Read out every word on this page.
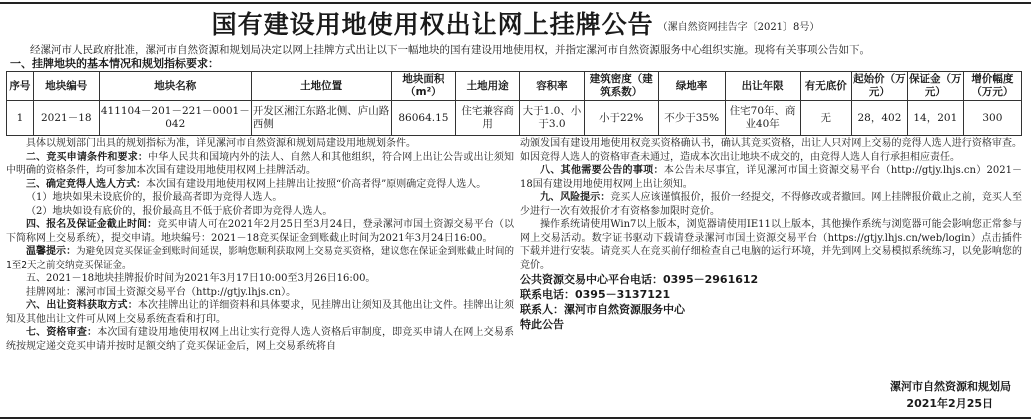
国有建设用地使用权出让网上挂牌公告 （漯自然资网挂告字〔2021〕8号）
经漯河市人民政府批准，漯河市自然资源和规划局决定以网上挂牌方式出让以下一幅地块的国有建设用地使用权，并指定漯河市自然资源服务中心组织实施。现将有关事项公告如下。
一、挂牌地块的基本情况和规划指标要求：
序号	地块编号	地块名称	土地位置	地块面积（m²）	土地用途	容积率	建筑密度（建筑系数）	绿地率	出让年限	有无底价	起始价（万元）	保证金（万元）	增价幅度（万元）
1	2021－18	411104－201－221－0001－042	开发区湘江东路北侧、庐山路西侧	86064.15	住宅兼容商用	大于1.0、小于3.0	小于22%	不少于35%	住宅70年、商业40年	无	28，402	14，201	300

具体以规划部门出具的规划指标为准，详见漯河市自然资源和规划局建设用地规划条件。

二、竞买申请条件和要求：中华人民共和国境内外的法人、自然人和其他组织，符合网上出让公告或出让须知中明确的资格条件，均可参加本次国有建设用地使用权网上挂牌活动。

三、确定竞得人选人方式：本次国有建设用地使用权网上挂牌出让按照“价高者得”原则确定竞得人选人。

（1）地块如果未设底价的，报价最高者即为竞得人选人。

（2）地块如设有底价的，报价最高且不低于底价者即为竞得人选人。

四、报名及保证金截止时间：竞买申请人可在2021年2月25日至3月24日，登录漯河市国土资源交易平台（以下简称网上交易系统），提交申请。地块编号：2021－18竞买保证金到账截止时间为2021年3月24日16:00。

温馨提示：为避免因竞买保证金到账时间延误，影响您顺利获取网上交易竞买资格，建议您在保证金到账截止时间的1至2天之前交纳竞买保证金。

五、2021－18地块挂牌报价时间为2021年3月17日10:00至3月26日16:00。

挂牌网址：漯河市国土资源交易平台（http://gtjy.lhjs.cn）。

六、出让资料获取方式：本次挂牌出让的详细资料和具体要求，见挂牌出让须知及其他出让文件。挂牌出让须知及其他出让文件可从网上交易系统查看和打印。

七、资格审查：本次国有建设用地使用权网上出让实行竞得人选人资格后审制度，即竞买申请人在网上交易系统按规定递交竞买申请并按时足额交纳了竞买保证金后，网上交易系统将自

动颁发国有建设用地使用权竞买资格确认书，确认其竞买资格，出让人只对网上交易的竞得人选人进行资格审查。如因竞得人选人的资格审查未通过，造成本次出让地块不成交的，由竞得人选人自行承担相应责任。

八、其他需要公告的事项：本公告未尽事宜，详见漯河市国土资源交易平台（http://gtjy.lhjs.cn）2021－18国有建设用地使用权网上出让须知。

九、风险提示：竞买人应该谨慎报价，报价一经提交，不得修改或者撤回。网上挂牌报价截止之前，竞买人至少进行一次有效报价才有资格参加限时竞价。

操作系统请使用Win7以上版本，浏览器请使用IE11以上版本，其他操作系统与浏览器可能会影响您正常参与网上交易活动。数字证书驱动下载请登录漯河市国土资源交易平台（https://gtjy.lhjs.cn/web/login）点击插件下载并进行安装。请竞买人在竞买前仔细检查自己电脑的运行环境，并先到网上交易模拟系统练习，以免影响您的竞价。

公共资源交易中心平台电话：0395－2961612

联系电话：0395－3137121

联系人：漯河市自然资源服务中心

特此公告

漯河市自然资源和规划局
2021年2月25日
